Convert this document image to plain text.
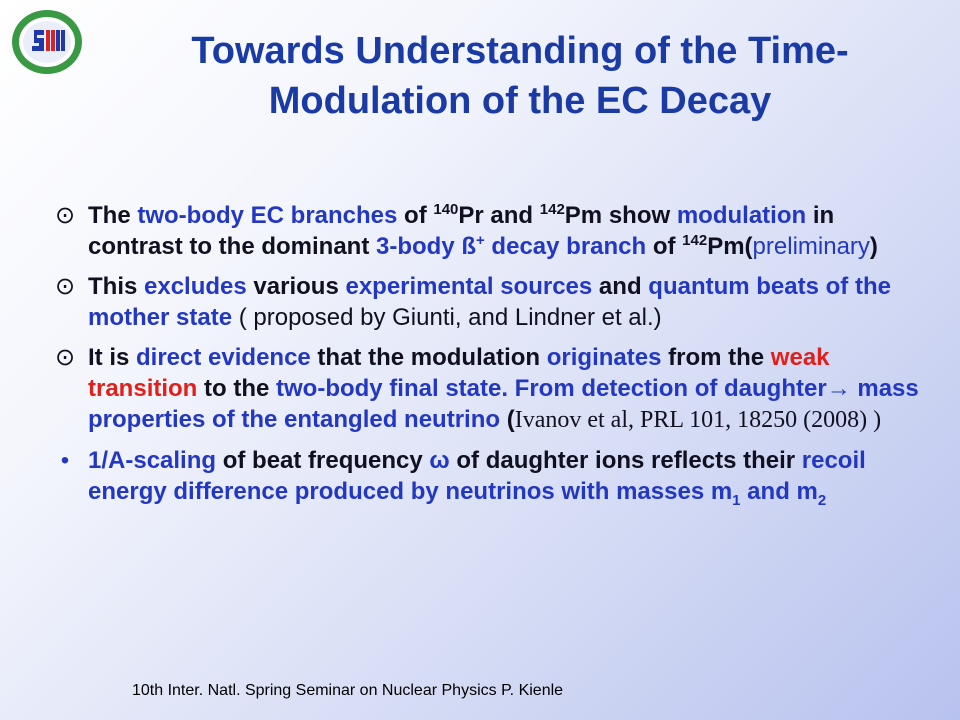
Towards Understanding of the Time-
Modulation of the EC Decay
⊙ The two-body EC branches of $^{140}$Pr and $^{142}$Pm show modulation in contrast to the dominant 3-body ß+ decay branch of $^{142}$Pm(preliminary)
⊙ This excludes various experimental sources and quantum beats of the mother state ( proposed by Giunti, and Lindner et al.)
⊙ It is direct evidence that the modulation originates from the weak transition to the two-body final state. From detection of daughter→ mass properties of the entangled neutrino (Ivanov et al, PRL 101, 18250 (2008) )
• 1/A-scaling of beat frequency ω of daughter ions reflects their recoil energy difference produced by neutrinos with masses $m_1$ and $m_2$
10th Inter. Natl. Spring Seminar on Nuclear Physics P. Kienle
